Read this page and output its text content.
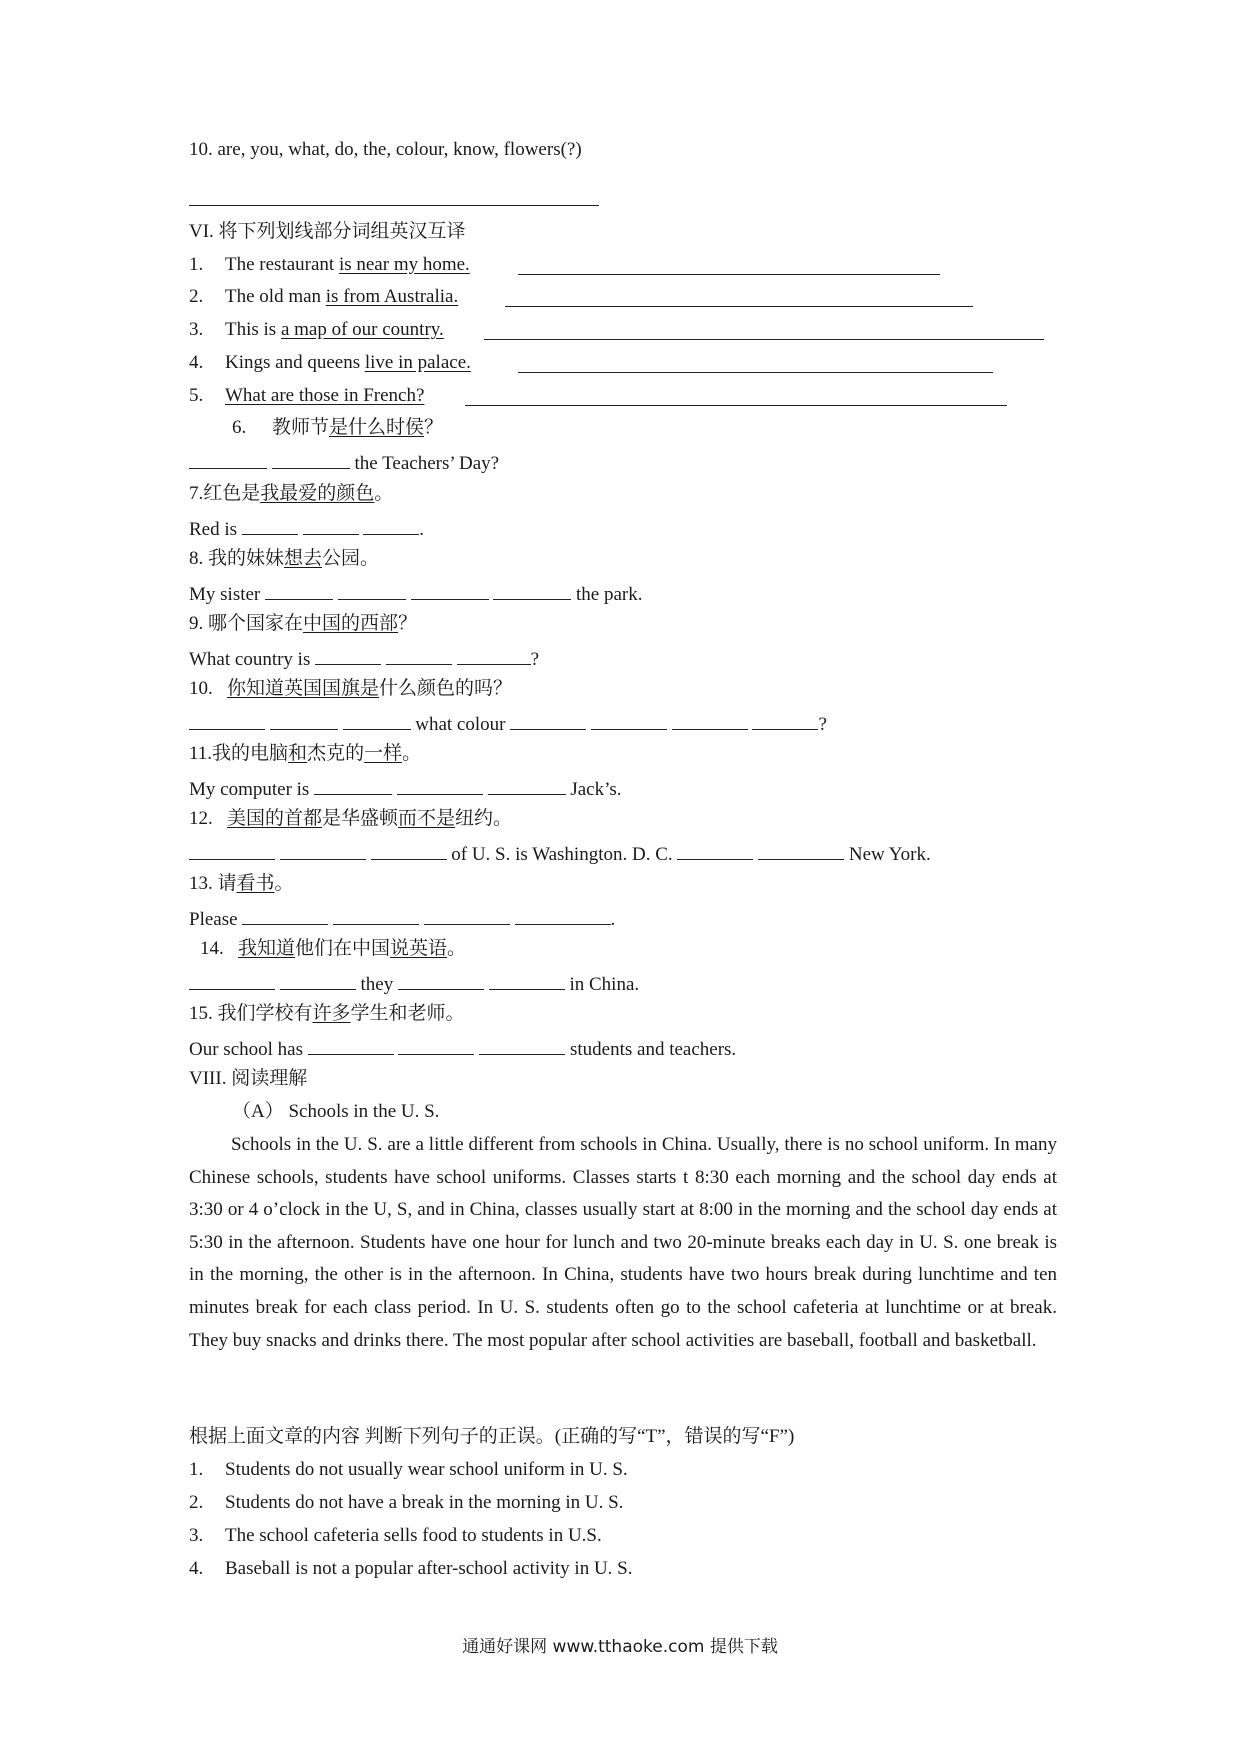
10. are, you, what, do, the, colour, know, flowers(?)
VI. 将下列划线部分词组英汉互译
1. The restaurant is near my home.
2. The old man is from Australia.
3. This is a map of our country.
4. Kings and queens live in palace.
5. What are those in French?
6. 教师节是什么时侯？
the Teachers’ Day?
7.红色是我最爱的颜色。
Red is	.
8. 我的妹妹想去公园。
My sister	the park.
9. 哪个国家在中国的西部？
What country is	?
10. 你知道英国国旗是什么颜色的吗？
what colour	?
11.我的电脑和杰克的一样。
My computer is	Jack’s.
12. 美国的首都是华盛顿而不是纽约。
of U. S. is Washington. D. C.	New York.
13. 请看书。
Please	.
14. 我知道他们在中国说英语。
they	in China.
15. 我们学校有许多学生和老师。
Our school has	students and teachers.
VIII. 阅读理解
（A） Schools in the U. S.
Schools in the U. S. are a little different from schools in China. Usually, there is no school uniform. In many Chinese schools, students have school uniforms. Classes starts t 8:30 each morning and the school day ends at 3:30 or 4 o’clock in the U, S, and in China, classes usually start at 8:00 in the morning and the school day ends at 5:30 in the afternoon. Students have one hour for lunch and two 20-minute breaks each day in U. S. one break is in the morning, the other is in the afternoon. In China, students have two hours break during lunchtime and ten minutes break for each class period. In U. S. students often go to the school cafeteria at lunchtime or at break. They buy snacks and drinks there. The most popular after school activities are baseball, football and basketball.
根据上面文章的内容 判断下列句子的正误。(正确的写“T”，错误的写“F”)
1. Students do not usually wear school uniform in U. S.
2. Students do not have a break in the morning in U. S.
3. The school cafeteria sells food to students in U.S.
4. Baseball is not a popular after-school activity in U. S.
通通好课网 www.tthaoke.com 提供下载
